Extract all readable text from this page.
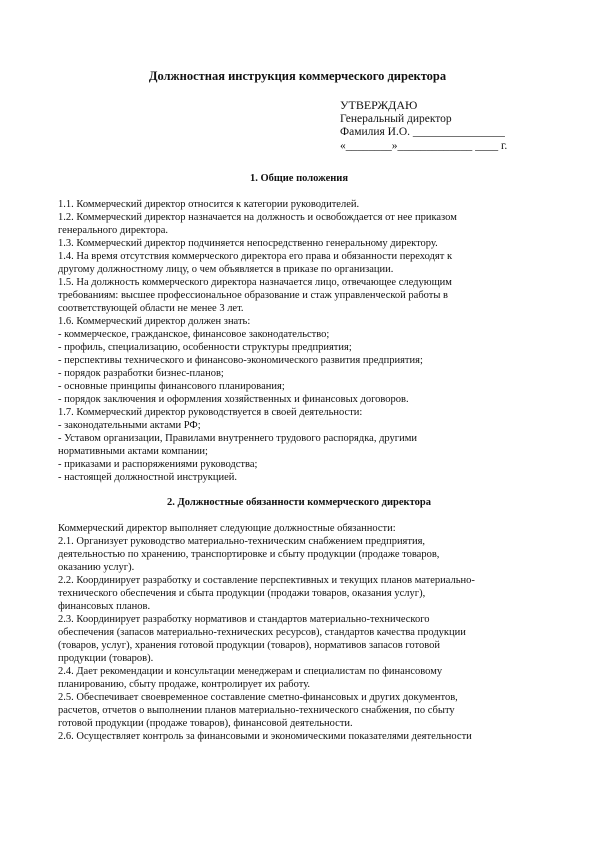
Должностная инструкция коммерческого директора
УТВЕРЖДАЮ
Генеральный директор
Фамилия И.О. ________________
«________»_____________ ____ г.

1. Общие положения

1.1. Коммерческий директор относится к категории руководителей.

1.2. Коммерческий директор назначается на должность и освобождается от нее приказом

генерального директора.

1.3. Коммерческий директор подчиняется непосредственно генеральному директору.

1.4. На время отсутствия коммерческого директора его права и обязанности переходят к

другому должностному лицу, о чем объявляется в приказе по организации.

1.5. На должность коммерческого директора назначается лицо, отвечающее следующим

требованиям: высшее профессиональное образование и стаж управленческой работы в

соответствующей области не менее 3 лет.

1.6. Коммерческий директор должен знать:

- коммерческое, гражданское, финансовое законодательство;

- профиль, специализацию, особенности структуры предприятия;

- перспективы технического и финансово-экономического развития предприятия;

- порядок разработки бизнес-планов;

- основные принципы финансового планирования;

- порядок заключения и оформления хозяйственных и финансовых договоров.

1.7. Коммерческий директор руководствуется в своей деятельности:

- законодательными актами РФ;

- Уставом организации, Правилами внутреннего трудового распорядка, другими

нормативными актами компании;

- приказами и распоряжениями руководства;

- настоящей должностной инструкцией.

2. Должностные обязанности коммерческого директора

Коммерческий директор выполняет следующие должностные обязанности:

2.1. Организует руководство материально-техническим снабжением предприятия,

деятельностью по хранению, транспортировке и сбыту продукции (продаже товаров,

оказанию услуг).

2.2. Координирует разработку и составление перспективных и текущих планов материально-

технического обеспечения и сбыта продукции (продажи товаров, оказания услуг),

финансовых планов.

2.3. Координирует разработку нормативов и стандартов материально-технического

обеспечения (запасов материально-технических ресурсов), стандартов качества продукции

(товаров, услуг), хранения готовой продукции (товаров), нормативов запасов готовой

продукции (товаров).

2.4. Дает рекомендации и консультации менеджерам и специалистам по финансовому

планированию, сбыту продаже, контролирует их работу.

2.5. Обеспечивает своевременное составление сметно-финансовых и других документов,

расчетов, отчетов о выполнении планов материально-технического снабжения, по сбыту

готовой продукции (продаже товаров), финансовой деятельности.

2.6. Осуществляет контроль за финансовыми и экономическими показателями деятельности
